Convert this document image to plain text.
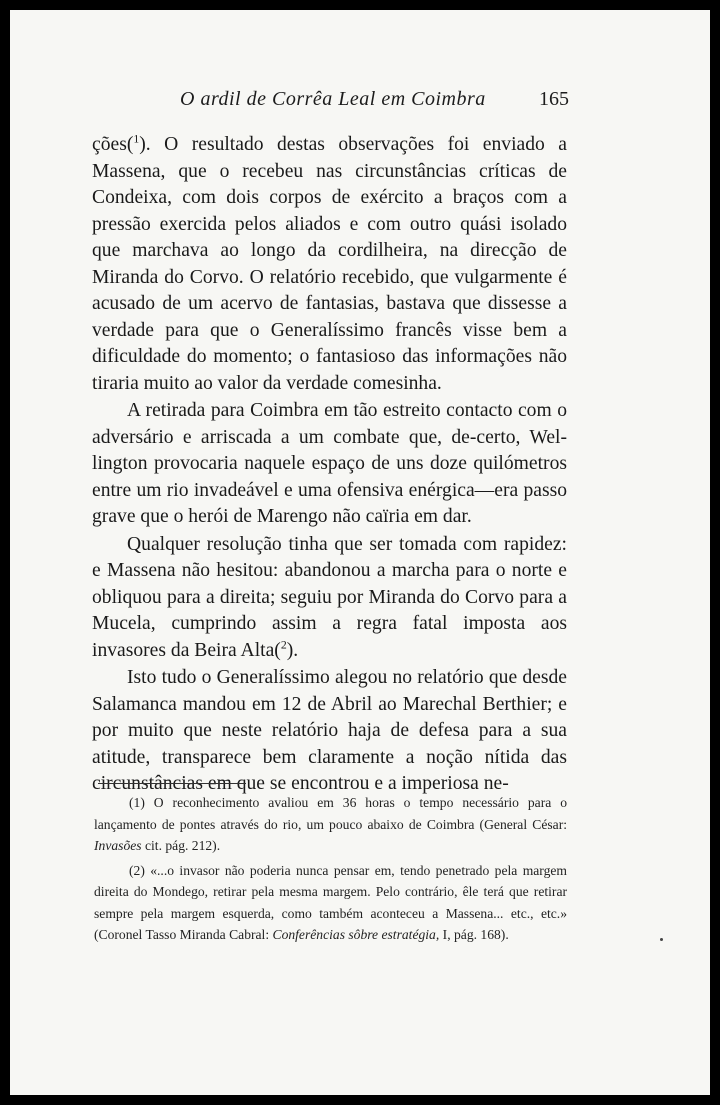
O ardil de Corrêa Leal em Coimbra	165

ções($^1$). O resultado destas observações foi enviado a Massena, que o recebeu nas circunstâncias críticas de Condeixa, com dois corpos de exército a braços com a pressão exercida pelos aliados e com outro quási isolado que marchava ao longo da cordilheira, na direcção de Miranda do Corvo. O relatório recebido, que vulgarmente é acusado de um acervo de fantasias, bastava que dissesse a verdade para que o Generalíssimo francês visse bem a dificuldade do momento; o fantasioso das informações não tiraria muito ao valor da verdade comesinha.

A retirada para Coimbra em tão estreito contacto com o adversário e arriscada a um combate que, de-certo, Wellington provocaria naquele espaço de uns doze quilómetros entre um rio invadeável e uma ofensiva enérgica—era passo grave que o herói de Marengo não caïria em dar.

Qualquer resolução tinha que ser tomada com rapidez: e Massena não hesitou: abandonou a marcha para o norte e obliquou para a direita; seguiu por Miranda do Corvo para a Mucela, cumprindo assim a regra fatal imposta aos invasores da Beira Alta($^2$).

Isto tudo o Generalíssimo alegou no relatório que desde Salamanca mandou em 12 de Abril ao Marechal Berthier; e por muito que neste relatório haja de defesa para a sua atitude, transparece bem claramente a noção nítida das circunstâncias em que se encontrou e a imperiosa ne-

(1) O reconhecimento avaliou em 36 horas o tempo necessário para o lançamento de pontes através do rio, um pouco abaixo de Coimbra (General César: Invasões cit. pág. 212).

(2) «...o invasor não poderia nunca pensar em, tendo penetrado pela margem direita do Mondego, retirar pela mesma margem. Pelo contrário, êle terá que retirar sempre pela margem esquerda, como também aconteceu a Massena... etc., etc.» (Coronel Tasso Miranda Cabral: Conferências sôbre estratégia, I, pág. 168).
